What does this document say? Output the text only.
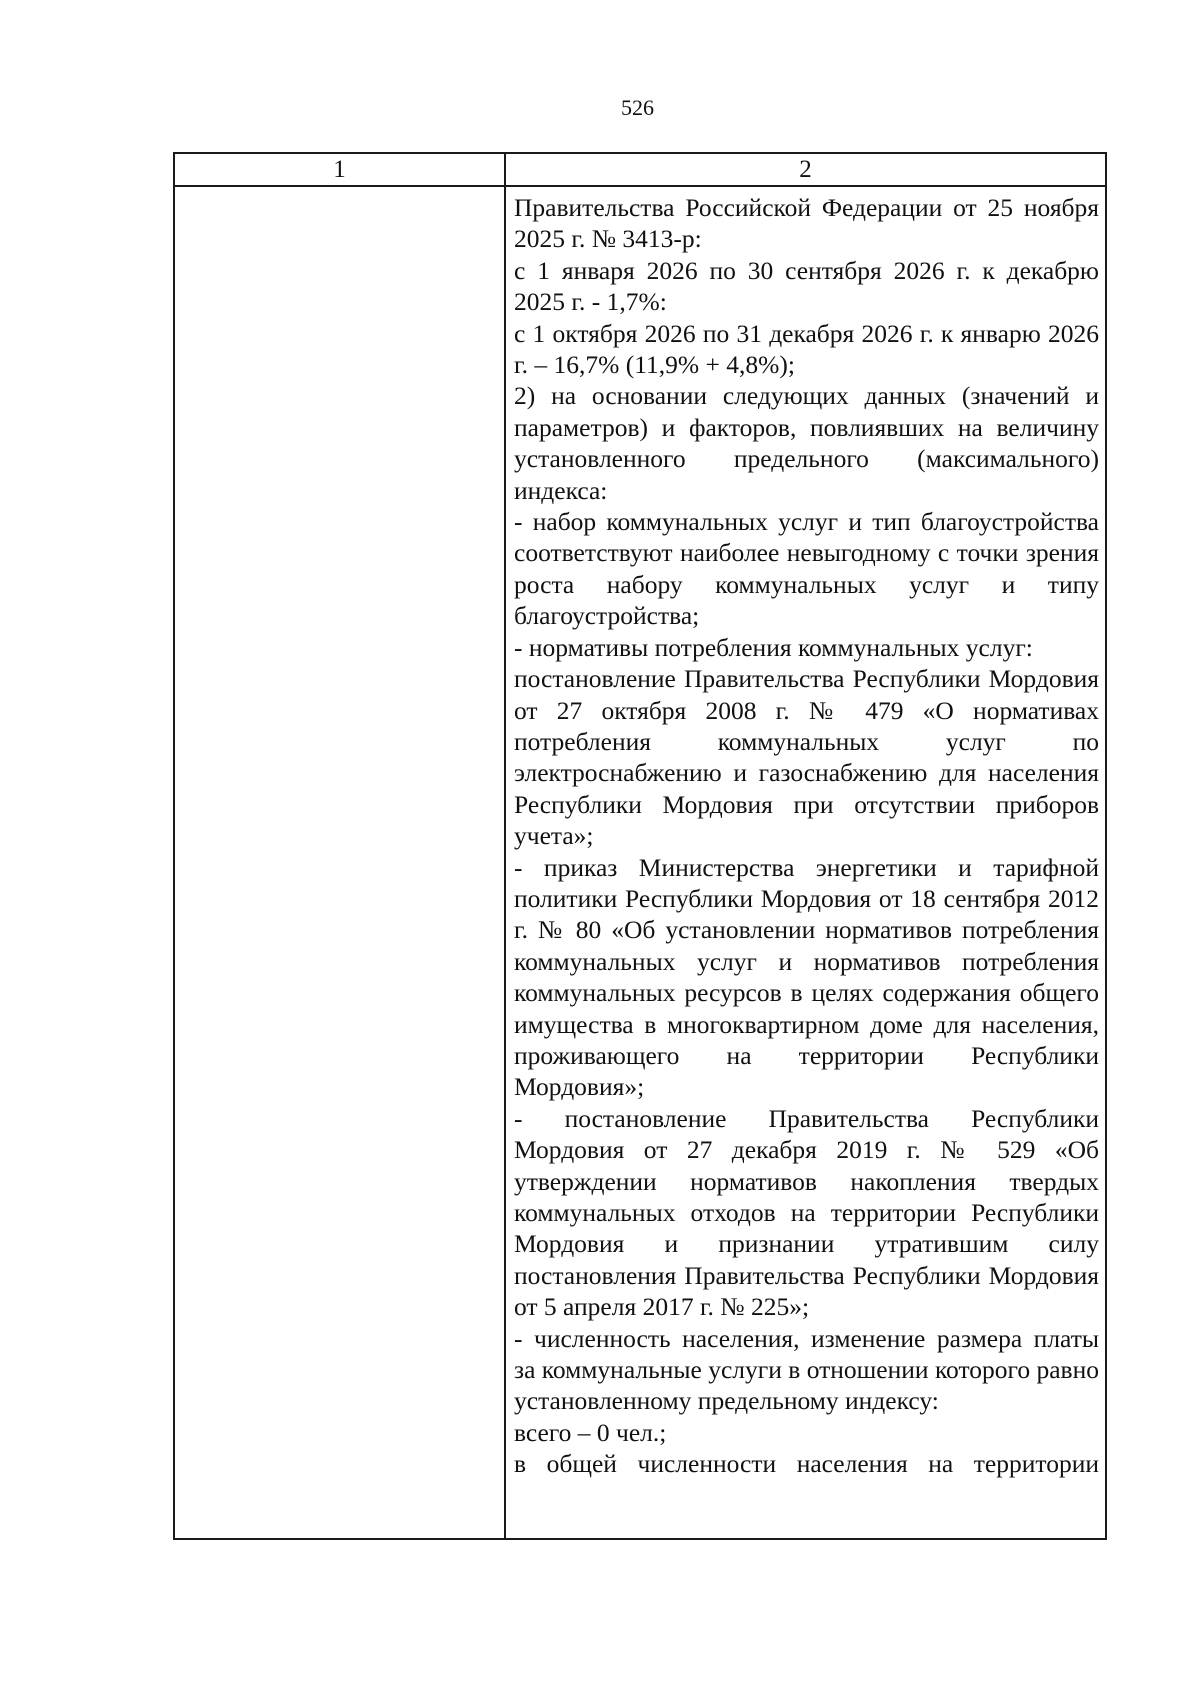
526
1	2

Правительства Российской Федерации от 25 ноября 2025 г. № 3413-р:

с 1 января 2026 по 30 сентября 2026 г. к декабрю 2025 г. - 1,7%:

с 1 октября 2026 по 31 декабря 2026 г. к январю 2026 г. – 16,7% (11,9% + 4,8%);

2) на основании следующих данных (значений и параметров) и факторов, повлиявших на величину установленного предельного (максимального) индекса:

- набор коммунальных услуг и тип благоустройства соответствуют наиболее невыгодному с точки зрения роста набору коммунальных услуг и типу благоустройства;

- нормативы потребления коммунальных услуг:

постановление Правительства Республики Мордовия от 27 октября 2008 г. № 479 «О нормативах потребления коммунальных услуг по электроснабжению и газоснабжению для населения Республики Мордовия при отсутствии приборов учета»;

- приказ Министерства энергетики и тарифной политики Республики Мордовия от 18 сентября 2012 г. № 80 «Об установлении нормативов потребления коммунальных услуг и нормативов потребления коммунальных ресурсов в целях содержания общего имущества в многоквартирном доме для населения, проживающего на территории Республики Мордовия»;

- постановление Правительства Республики Мордовия от 27 декабря 2019 г. № 529 «Об утверждении нормативов накопления твердых коммунальных отходов на территории Республики Мордовия и признании утратившим силу постановления Правительства Республики Мордовия от 5 апреля 2017 г. № 225»;

- численность населения, изменение размера платы за коммунальные услуги в отношении которого равно установленному предельному индексу:

всего – 0 чел.;

в общей численности населения на территории
